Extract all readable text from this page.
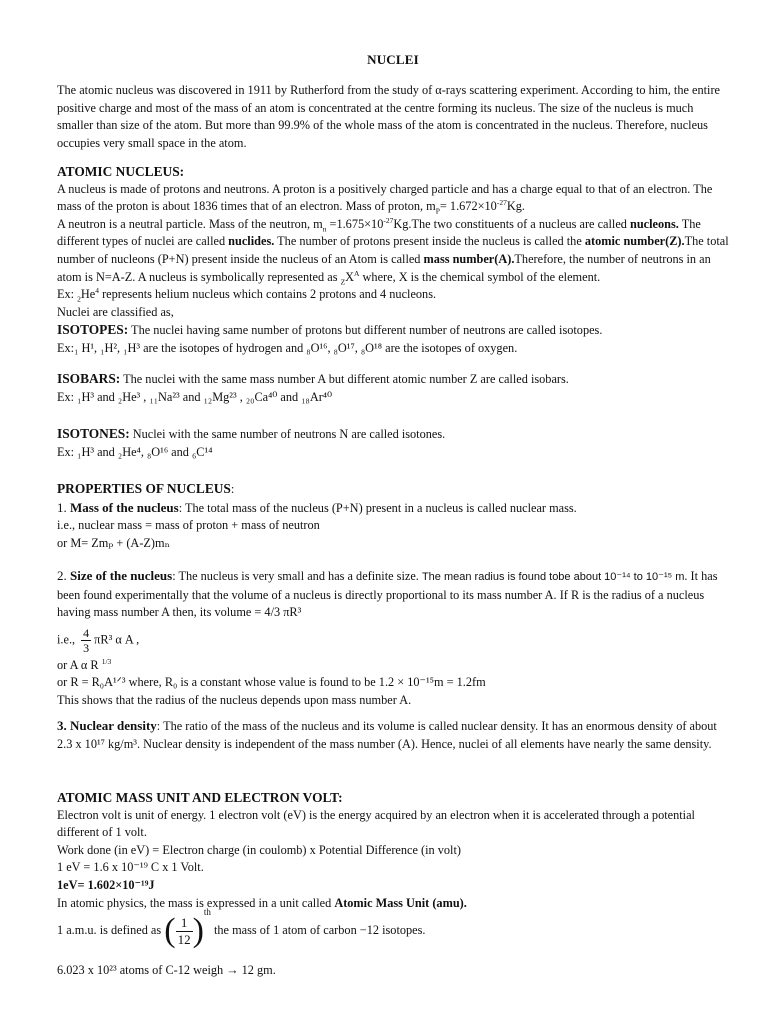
NUCLEI

The atomic nucleus was discovered in 1911 by Rutherford from the study of α-rays scattering experiment. According to him, the entire positive charge and most of the mass of an atom is concentrated at the centre forming its nucleus. The size of the nucleus is much smaller than size of the atom. But more than 99.9% of the whole mass of the atom is concentrated in the nucleus. Therefore, nucleus occupies very small space in the atom.

ATOMIC NUCLEUS:

A nucleus is made of protons and neutrons. A proton is a positively charged particle and has a charge equal to that of an electron. The mass of the proton is about 1836 times that of an electron. Mass of proton, $m_P= 1.672\times 10^{-27}Kg$.

A neutron is a neutral particle. Mass of the neutron, $m_n =1.675\times 10^{-27}Kg.The$ two constituents of a nucleus are called nucleons. The different types of nuclei are called nuclides. The number of protons present inside the nucleus is called the atomic number(Z).The total number of nucleons (P+N) present inside the nucleus of an Atom is called mass number(A).Therefore, the number of neutrons in an atom is N=A-Z. A nucleus is symbolically represented as $_ZX^A$ where, X is the chemical symbol of the element.

Ex: $_2He^4$ represents helium nucleus which contains 2 protons and 4 nucleons.

Nuclei are classified as,

ISOTOPES: The nuclei having same number of protons but different number of neutrons are called isotopes.

Ex:₁ H¹, ₁H², ₁H³ are the isotopes of hydrogen and ₈O¹⁶, ₈O¹⁷, ₈O¹⁸ are the isotopes of oxygen.

ISOBARS: The nuclei with the same mass number A but different atomic number Z are called isobars.

Ex: ₁H³ and ₂He³ , ₁₁Na²³ and ₁₂Mg²³ , ₂₀Ca⁴⁰ and ₁₈Ar⁴⁰

ISOTONES: Nuclei with the same number of neutrons N are called isotones.

Ex: ₁H³ and ₂He⁴, ₈O¹⁶ and ₆C¹⁴

PROPERTIES OF NUCLEUS:

1. Mass of the nucleus: The total mass of the nucleus (P+N) present in a nucleus is called nuclear mass.

i.e., nuclear mass = mass of proton + mass of neutron

or M= Zmₚ + (A-Z)mₙ

2. Size of the nucleus: The nucleus is very small and has a definite size. The mean radius is found tobe about 10⁻¹⁴ to 10⁻¹⁵ m. It has been found experimentally that the volume of a nucleus is directly proportional to its mass number A. If R is the radius of a nucleus having mass number A then, its volume = 4/3 πR³

i.e., $\frac{4}{3} \pi R^3$ α A ,

or A α R $^{1/3}$

or R = R₀A¹ᐟ³ where, R₀ is a constant whose value is found to be 1.2 × 10⁻¹⁵m = 1.2fm

This shows that the radius of the nucleus depends upon mass number A.

3. Nuclear density: The ratio of the mass of the nucleus and its volume is called nuclear density. It has an enormous density of about 2.3 x 10¹⁷ kg/m³. Nuclear density is independent of the mass number (A). Hence, nuclei of all elements have nearly the same density.

ATOMIC MASS UNIT AND ELECTRON VOLT:

Electron volt is unit of energy. 1 electron volt (eV) is the energy acquired by an electron when it is accelerated through a potential different of 1 volt.

Work done (in eV) = Electron charge (in coulomb) x Potential Difference (in volt)

1 eV = 1.6 x 10⁻¹⁹ C x 1 Volt.

1eV= 1.602×10⁻¹⁹J

In atomic physics, the mass is expressed in a unit called Atomic Mass Unit (amu).

1 a.m.u. is defined as ( $\frac{1}{12} )^{th}$ the mass of 1 atom of carbon −12 isotopes.

6.023 x 10²³ atoms of C-12 weigh → 12 gm.
